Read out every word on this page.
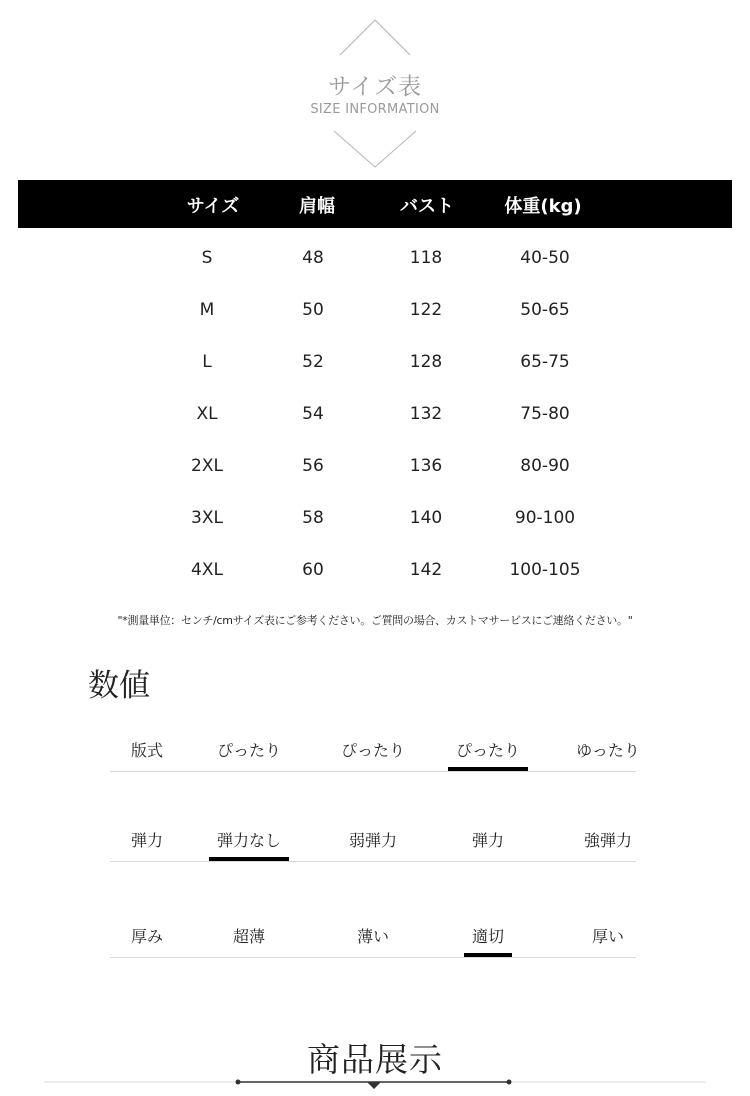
サイズ表
SIZE INFORMATION
サイズ	肩幅	バスト	体重(kg)
S	48	118	40-50
M	50	122	50-65
L	52	128	65-75
XL	54	132	75-80
2XL	56	136	80-90
3XL	58	140	90-100
4XL	60	142	100-105
"*測量単位：センチ/cmサイズ表にご参考ください。ご質問の場合、カストマサービスにご連絡ください。"
数値
版式	ぴったり	ぴったり	ぴったり	ゆったり
弾力	弾力なし	弱弾力	弾力	強弾力
厚み	超薄	薄い	適切	厚い
商品展示
